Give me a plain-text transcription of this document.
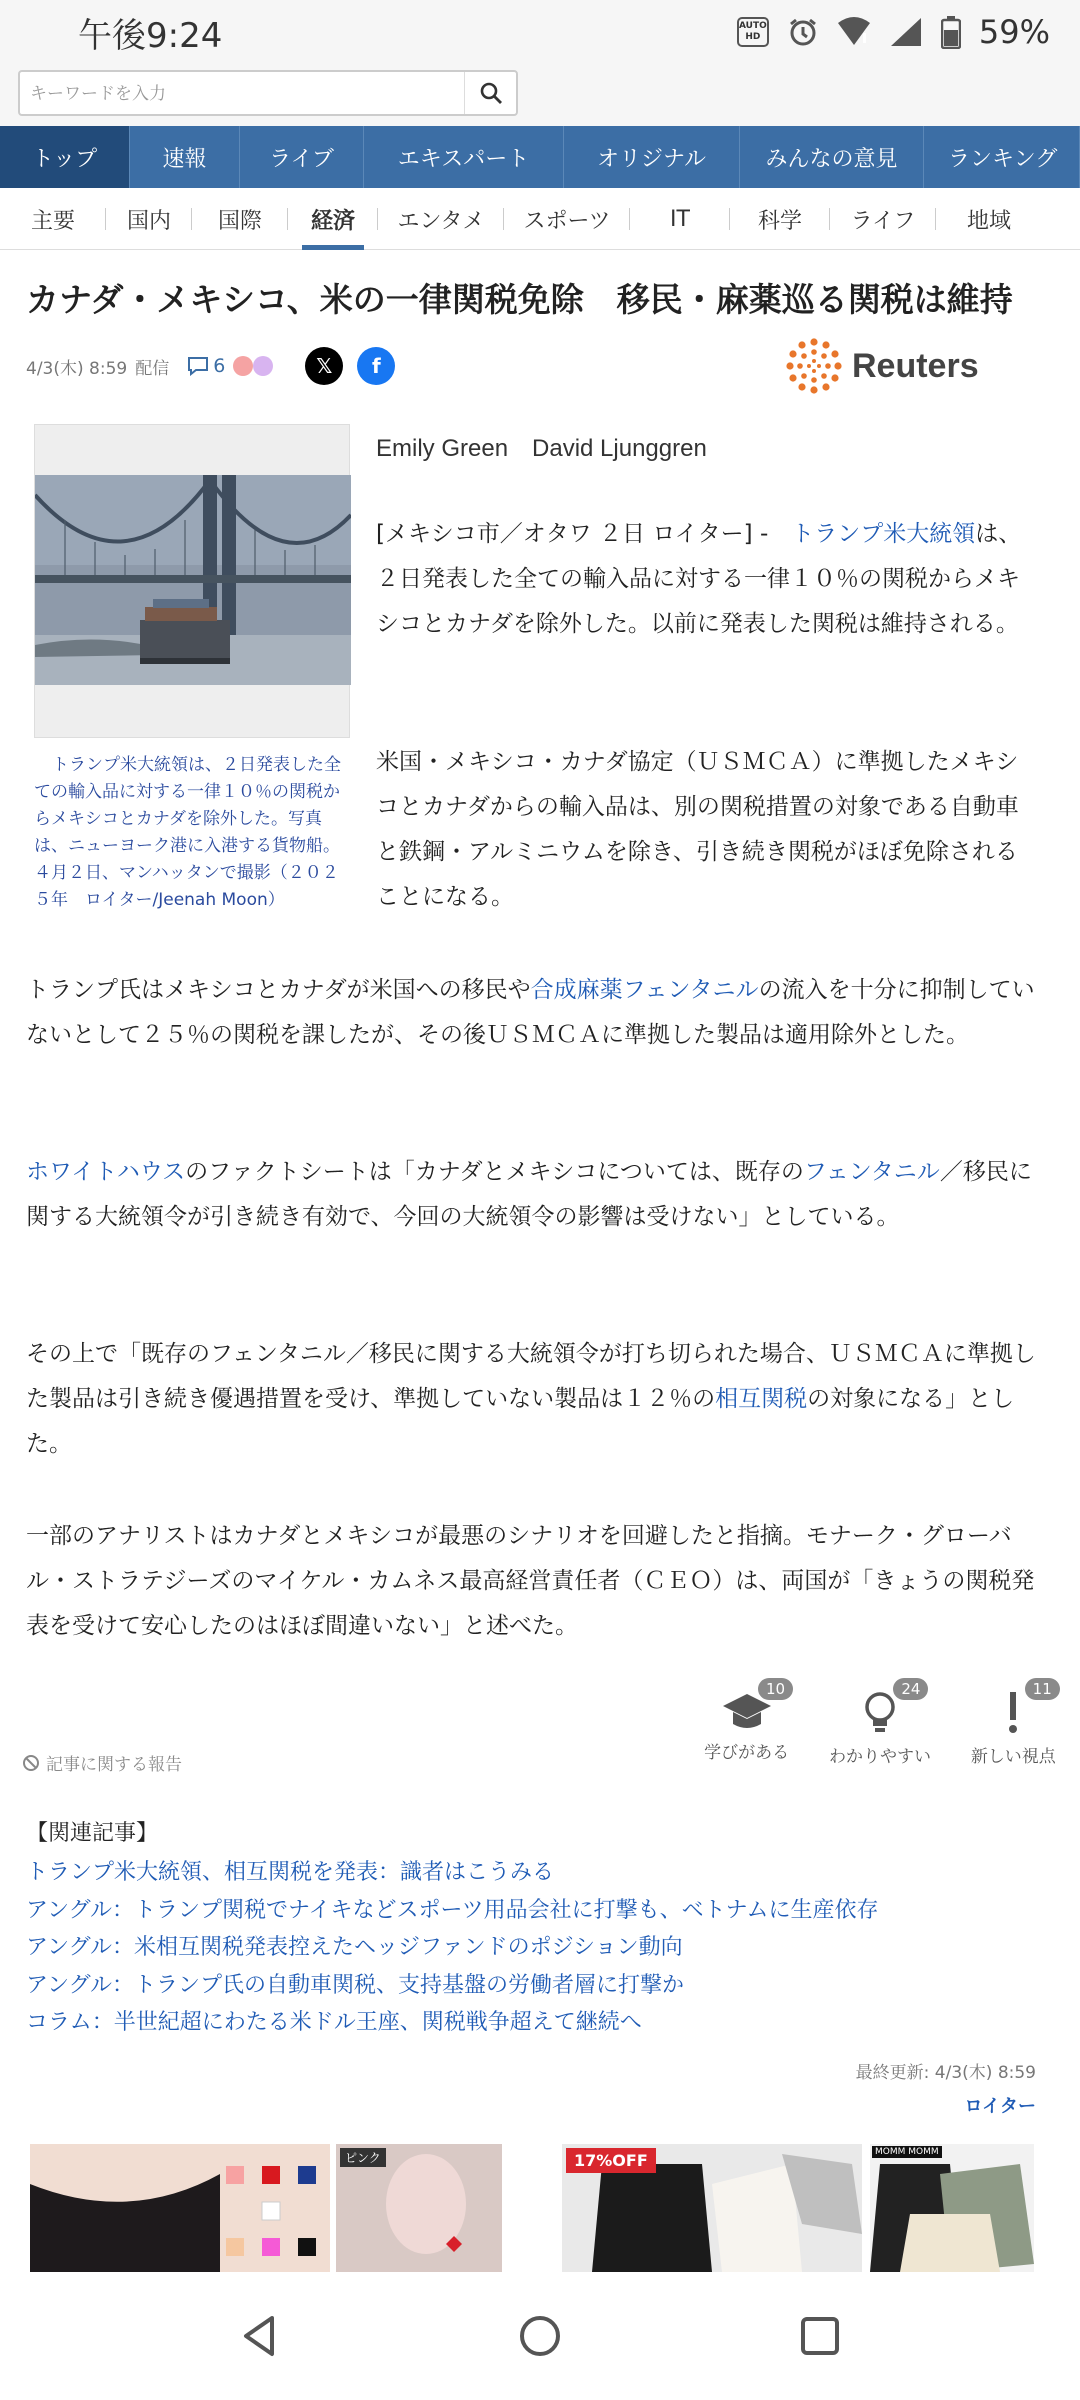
午後9:24	AUTO
HD	59%
キーワードを入力
トップ	速報	ライブ	エキスパート	オリジナル	みんなの意見	ランキング
主要 国内 国際 経済 エンタメ スポーツ	IT	科学 ライフ 地域
カナダ・メキシコ、米の一律関税免除　移民・麻薬巡る関税は維持
4/3(木) 8:59 配信 6	𝕏	f	Reuters

トランプ米大統領は、２日発表した全ての輸入品に対する一律１０％の関税からメキシコとカナダを除外した。写真は、ニューヨーク港に入港する貨物船。４月２日、マンハッタンで撮影（２０２５年　ロイター/Jeenah Moon）

Emily Green　David Ljunggren

[メキシコ市／オタワ ２日 ロイター] -　トランプ米大統領は、２日発表した全ての輸入品に対する一律１０％の関税からメキシコとカナダを除外した。以前に発表した関税は維持される。

米国・メキシコ・カナダ協定（ＵＳＭＣＡ）に準拠したメキシコとカナダからの輸入品は、別の関税措置の対象である自動車と鉄鋼・アルミニウムを除き、引き続き関税がほぼ免除されることになる。

トランプ氏はメキシコとカナダが米国への移民や合成麻薬フェンタニルの流入を十分に抑制していないとして２５％の関税を課したが、その後ＵＳＭＣＡに準拠した製品は適用除外とした。

ホワイトハウスのファクトシートは「カナダとメキシコについては、既存のフェンタニル／移民に関する大統領令が引き続き有効で、今回の大統領令の影響は受けない」としている。

その上で「既存のフェンタニル／移民に関する大統領令が打ち切られた場合、ＵＳＭＣＡに準拠した製品は引き続き優遇措置を受け、準拠していない製品は１２％の相互関税の対象になる」とした。

一部のアナリストはカナダとメキシコが最悪のシナリオを回避したと指摘。モナーク・グローバル・ストラテジーズのマイケル・カムネス最高経営責任者（ＣＥＯ）は、両国が「きょうの関税発表を受けて安心したのはほぼ間違いない」と述べた。

10
学びがある
24
わかりやすい
11
新しい視点
記事に関する報告
【関連記事】
トランプ米大統領、相互関税を発表：識者はこうみる
アングル：トランプ関税でナイキなどスポーツ用品会社に打撃も、ベトナムに生産依存
アングル：米相互関税発表控えたヘッジファンドのポジション動向
アングル：トランプ氏の自動車関税、支持基盤の労働者層に打撃か
コラム：半世紀超にわたる米ドル王座、関税戦争超えて継続へ
最終更新: 4/3(木) 8:59
ロイター
ピンク	17%OFF	MOMM MOMM
